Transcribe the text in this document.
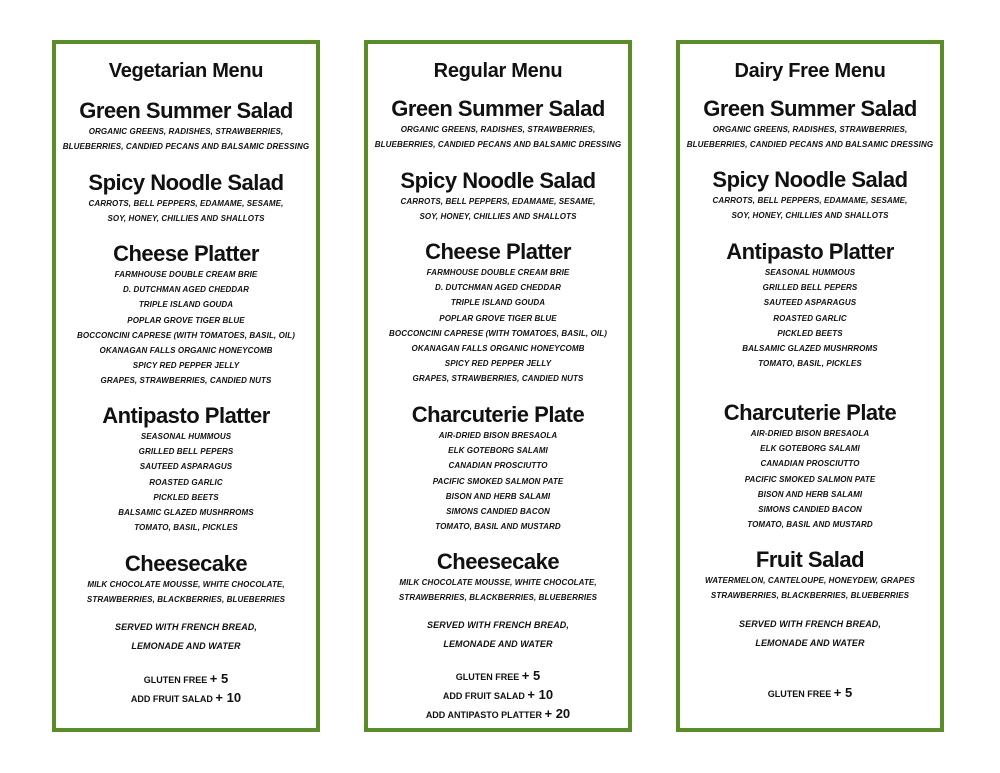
Vegetarian Menu
Green Summer Salad
ORGANIC GREENS, RADISHES, STRAWBERRIES,
BLUEBERRIES, CANDIED PECANS AND BALSAMIC DRESSING
Spicy Noodle Salad
CARROTS, BELL PEPPERS, EDAMAME, SESAME,
SOY, HONEY, CHILLIES AND SHALLOTS
Cheese Platter
FARMHOUSE DOUBLE CREAM BRIE
D. DUTCHMAN AGED CHEDDAR
TRIPLE ISLAND GOUDA
POPLAR GROVE TIGER BLUE
BOCCONCINI CAPRESE (WITH TOMATOES, BASIL, OIL)
OKANAGAN FALLS ORGANIC HONEYCOMB
SPICY RED PEPPER JELLY
GRAPES, STRAWBERRIES, CANDIED NUTS
Antipasto Platter
SEASONAL HUMMOUS
GRILLED BELL PEPERS
SAUTEED ASPARAGUS
ROASTED GARLIC
PICKLED BEETS
BALSAMIC GLAZED MUSHRROMS
TOMATO, BASIL, PICKLES
Cheesecake
MILK CHOCOLATE MOUSSE, WHITE CHOCOLATE,
STRAWBERRIES, BLACKBERRIES, BLUEBERRIES
SERVED WITH FRENCH BREAD,
LEMONADE AND WATER
GLUTEN FREE + 5
ADD FRUIT SALAD + 10
Regular Menu
Green Summer Salad
ORGANIC GREENS, RADISHES, STRAWBERRIES,
BLUEBERRIES, CANDIED PECANS AND BALSAMIC DRESSING
Spicy Noodle Salad
CARROTS, BELL PEPPERS, EDAMAME, SESAME,
SOY, HONEY, CHILLIES AND SHALLOTS
Cheese Platter
FARMHOUSE DOUBLE CREAM BRIE
D. DUTCHMAN AGED CHEDDAR
TRIPLE ISLAND GOUDA
POPLAR GROVE TIGER BLUE
BOCCONCINI CAPRESE (WITH TOMATOES, BASIL, OIL)
OKANAGAN FALLS ORGANIC HONEYCOMB
SPICY RED PEPPER JELLY
GRAPES, STRAWBERRIES, CANDIED NUTS
Charcuterie Plate
AIR-DRIED BISON BRESAOLA
ELK GOTEBORG SALAMI
CANADIAN PROSCIUTTO
PACIFIC SMOKED SALMON PATE
BISON AND HERB SALAMI
SIMONS CANDIED BACON
TOMATO, BASIL AND MUSTARD
Cheesecake
MILK CHOCOLATE MOUSSE, WHITE CHOCOLATE,
STRAWBERRIES, BLACKBERRIES, BLUEBERRIES
SERVED WITH FRENCH BREAD,
LEMONADE AND WATER
GLUTEN FREE + 5
ADD FRUIT SALAD + 10
ADD ANTIPASTO PLATTER + 20
Dairy Free Menu
Green Summer Salad
ORGANIC GREENS, RADISHES, STRAWBERRIES,
BLUEBERRIES, CANDIED PECANS AND BALSAMIC DRESSING
Spicy Noodle Salad
CARROTS, BELL PEPPERS, EDAMAME, SESAME,
SOY, HONEY, CHILLIES AND SHALLOTS
Antipasto Platter
SEASONAL HUMMOUS
GRILLED BELL PEPERS
SAUTEED ASPARAGUS
ROASTED GARLIC
PICKLED BEETS
BALSAMIC GLAZED MUSHRROMS
TOMATO, BASIL, PICKLES
Charcuterie Plate
AIR-DRIED BISON BRESAOLA
ELK GOTEBORG SALAMI
CANADIAN PROSCIUTTO
PACIFIC SMOKED SALMON PATE
BISON AND HERB SALAMI
SIMONS CANDIED BACON
TOMATO, BASIL AND MUSTARD
Fruit Salad
WATERMELON, CANTELOUPE, HONEYDEW, GRAPES
STRAWBERRIES, BLACKBERRIES, BLUEBERRIES
SERVED WITH FRENCH BREAD,
LEMONADE AND WATER
GLUTEN FREE + 5
